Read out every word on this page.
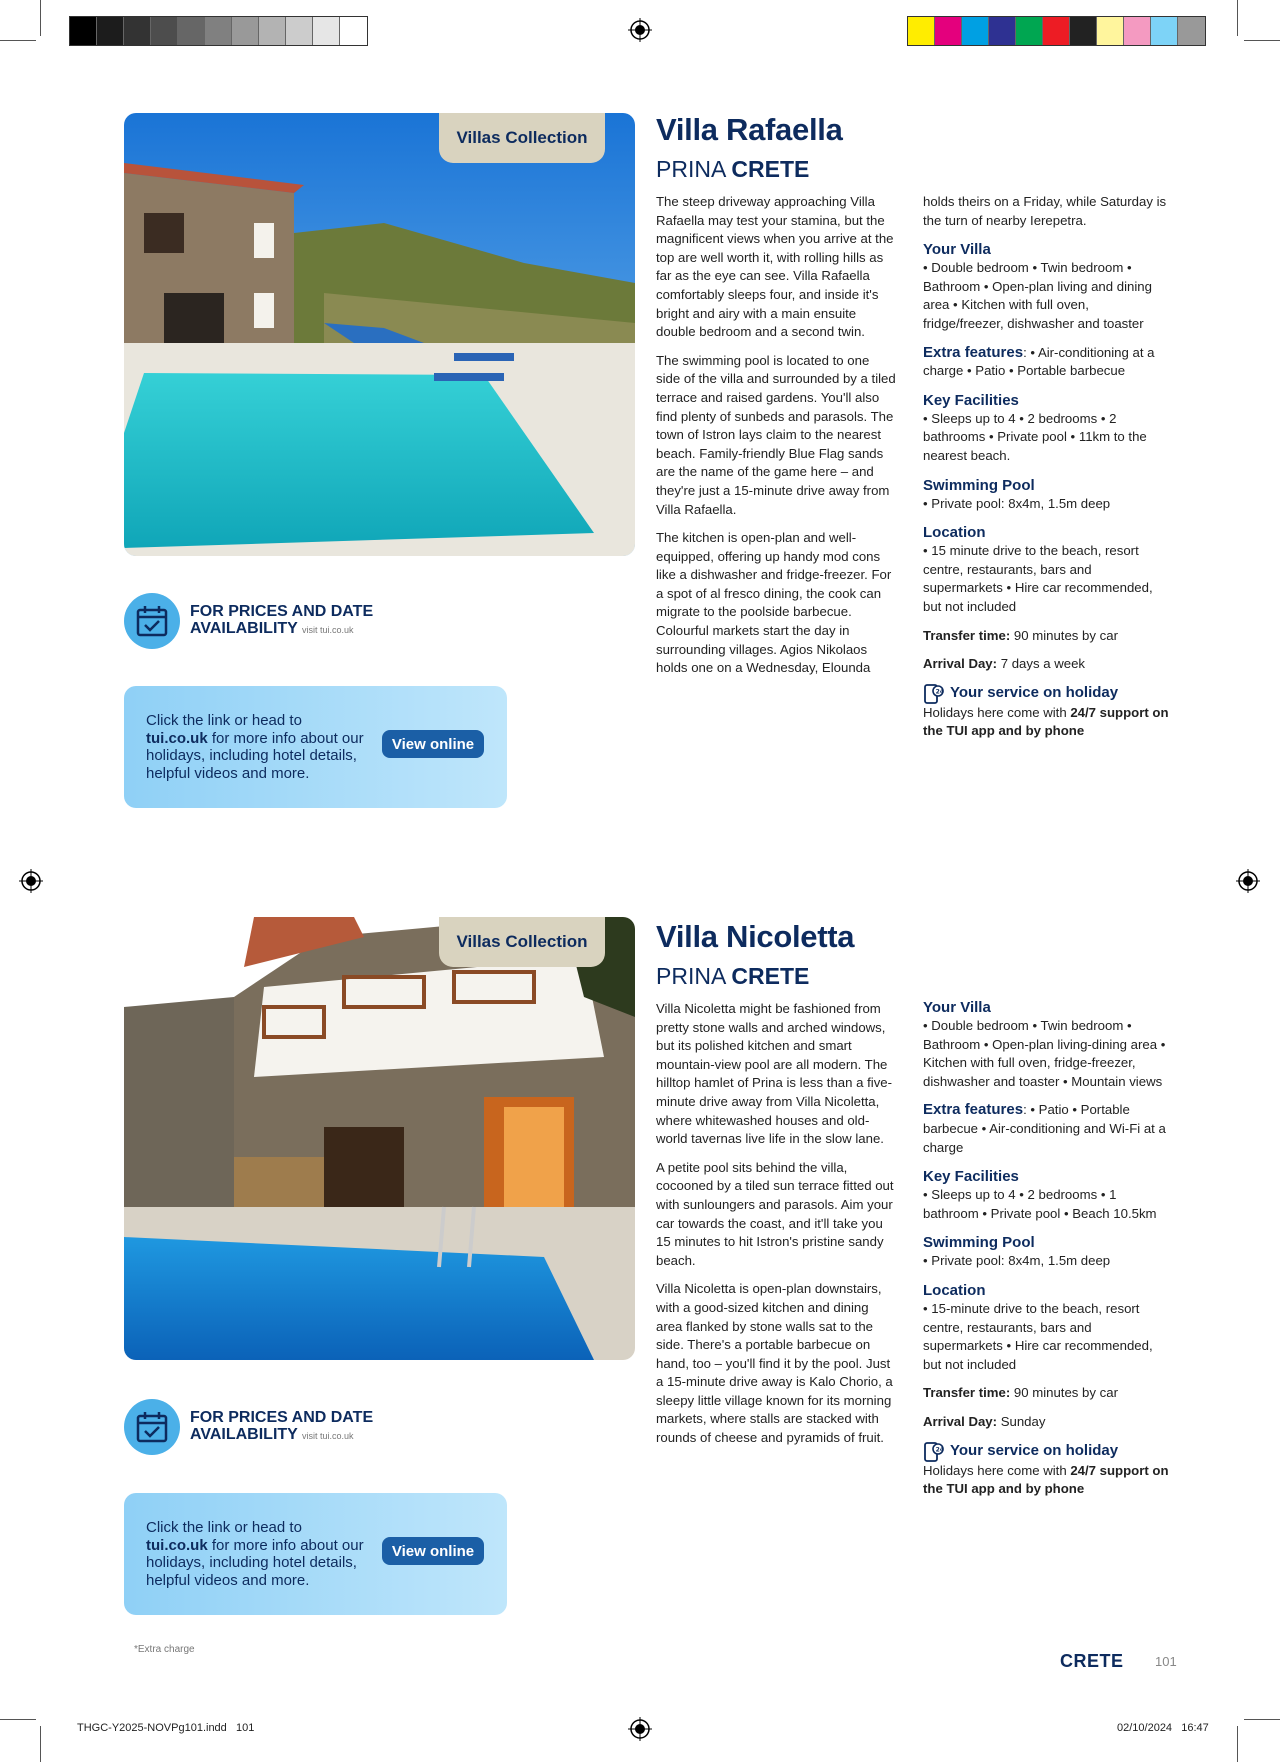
Villas Collection
FOR PRICES AND DATE
AVAILABILITY visit tui.co.uk
Click the link or head to
tui.co.uk for more info about our holidays, including hotel details, helpful videos and more.
View online
Villa Rafaella
PRINA CRETE

The steep driveway approaching Villa Rafaella may test your stamina, but the magnificent views when you arrive at the top are well worth it, with rolling hills as far as the eye can see. Villa Rafaella comfortably sleeps four, and inside it's bright and airy with a main ensuite double bedroom and a second twin.

The swimming pool is located to one side of the villa and surrounded by a tiled terrace and raised gardens. You'll also find plenty of sunbeds and parasols. The town of Istron lays claim to the nearest beach. Family-friendly Blue Flag sands are the name of the game here – and they're just a 15-minute drive away from Villa Rafaella.

The kitchen is open-plan and well-equipped, offering up handy mod cons like a dishwasher and fridge-freezer. For a spot of al fresco dining, the cook can migrate to the poolside barbecue. Colourful markets start the day in surrounding villages. Agios Nikolaos holds one on a Wednesday, Elounda

holds theirs on a Friday, while Saturday is the turn of nearby Ierepetra.
Your Villa
• Double bedroom • Twin bedroom • Bathroom • Open-plan living and dining area • Kitchen with full oven, fridge/freezer, dishwasher and toaster
Extra features: • Air-conditioning at a charge • Patio • Portable barbecue
Key Facilities
• Sleeps up to 4 • 2 bedrooms • 2 bathrooms • Private pool • 11km to the nearest beach.
Swimming Pool
• Private pool: 8x4m, 1.5m deep
Location
• 15 minute drive to the beach, resort centre, restaurants, bars and supermarkets • Hire car recommended, but not included
Transfer time: 90 minutes by car
Arrival Day: 7 days a week
24 Your service on holiday
Holidays here come with 24/7 support on the TUI app and by phone
Villas Collection
FOR PRICES AND DATE
AVAILABILITY visit tui.co.uk
Click the link or head to
tui.co.uk for more info about our holidays, including hotel details, helpful videos and more.
View online
Villa Nicoletta
PRINA CRETE

Villa Nicoletta might be fashioned from pretty stone walls and arched windows, but its polished kitchen and smart mountain-view pool are all modern. The hilltop hamlet of Prina is less than a five-minute drive away from Villa Nicoletta, where whitewashed houses and old-world tavernas live life in the slow lane.

A petite pool sits behind the villa, cocooned by a tiled sun terrace fitted out with sunloungers and parasols. Aim your car towards the coast, and it'll take you 15 minutes to hit Istron's pristine sandy beach.

Villa Nicoletta is open-plan downstairs, with a good-sized kitchen and dining area flanked by stone walls sat to the side. There's a portable barbecue on hand, too – you'll find it by the pool. Just a 15-minute drive away is Kalo Chorio, a sleepy little village known for its morning markets, where stalls are stacked with rounds of cheese and pyramids of fruit.

Your Villa
• Double bedroom • Twin bedroom • Bathroom • Open-plan living-dining area • Kitchen with full oven, fridge-freezer, dishwasher and toaster • Mountain views
Extra features: • Patio • Portable barbecue • Air-conditioning and Wi-Fi at a charge
Key Facilities
• Sleeps up to 4 • 2 bedrooms • 1 bathroom • Private pool • Beach 10.5km
Swimming Pool
• Private pool: 8x4m, 1.5m deep
Location
• 15-minute drive to the beach, resort centre, restaurants, bars and supermarkets • Hire car recommended, but not included
Transfer time: 90 minutes by car
Arrival Day: Sunday
24 Your service on holiday
Holidays here come with 24/7 support on the TUI app and by phone
*Extra charge
CRETE 101
THGC-Y2025-NOVPg101.indd   101	02/10/2024   16:47
